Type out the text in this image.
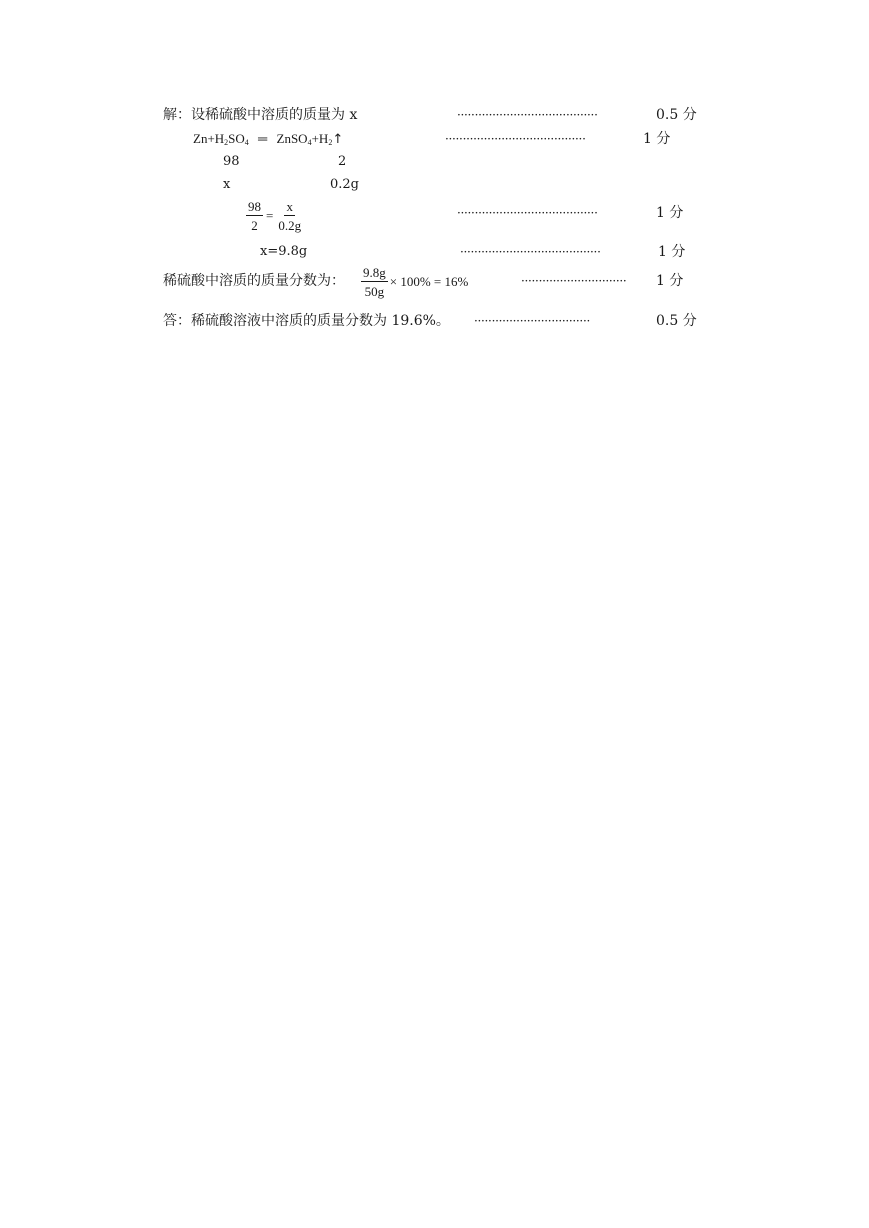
解：设稀硫酸中溶质的质量为 x	········································	0.5 分
$Zn+H_2SO_4$ ═ $ZnSO_4+H_2↑$	········································	1 分
98	2
x	0.2g
$\frac{98}{2} = \frac{x}{0.2g}$	········································	1 分
x=9.8g	········································	1 分
稀硫酸中溶质的质量分数为： $\frac{9.8g}{50g} \times 100\% = 16\%$	······························ 1 分
答：稀硫酸溶液中溶质的质量分数为 19.6%。 ·································	0.5 分
